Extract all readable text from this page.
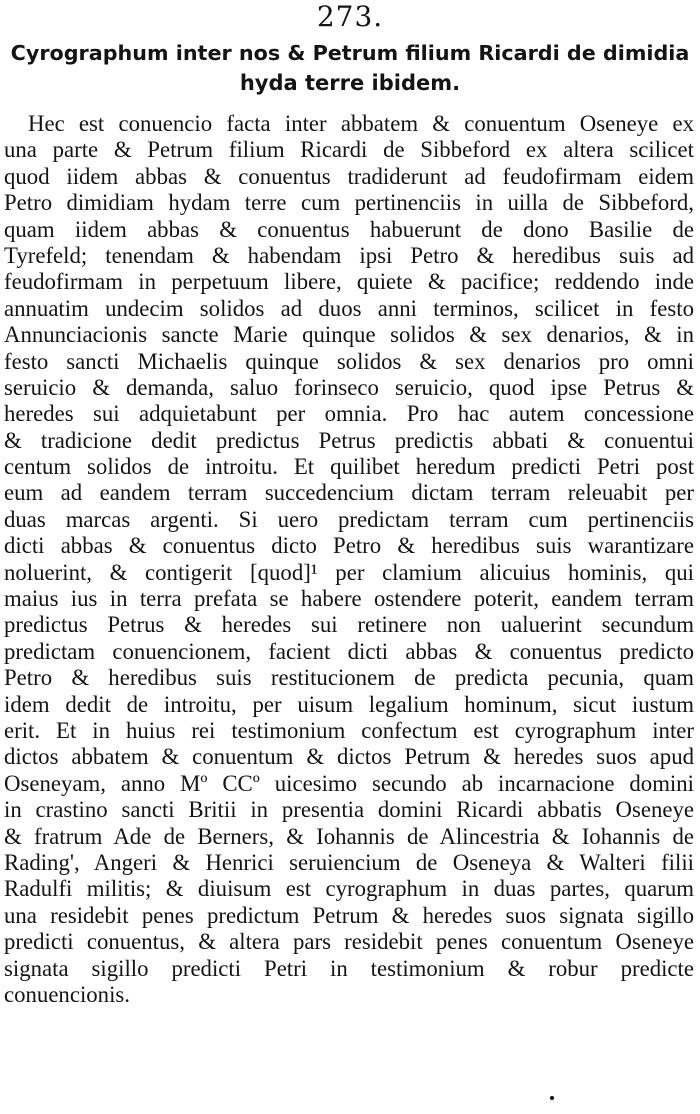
273.
Cyrographum inter nos & Petrum filium Ricardi de dimidia
hyda terre ibidem.
Hec est conuencio facta inter abbatem & conuentum Oseneye ex
una parte & Petrum filium Ricardi de Sibbeford ex altera scilicet
quod iidem abbas & conuentus tradiderunt ad feudofirmam eidem
Petro dimidiam hydam terre cum pertinenciis in uilla de Sibbeford,
quam iidem abbas & conuentus habuerunt de dono Basilie de
Tyrefeld; tenendam & habendam ipsi Petro & heredibus suis ad
feudofirmam in perpetuum libere, quiete & pacifice; reddendo inde
annuatim undecim solidos ad duos anni terminos, scilicet in festo
Annunciacionis sancte Marie quinque solidos & sex denarios, & in
festo sancti Michaelis quinque solidos & sex denarios pro omni
seruicio & demanda, saluo forinseco seruicio, quod ipse Petrus &
heredes sui adquietabunt per omnia. Pro hac autem concessione
& tradicione dedit predictus Petrus predictis abbati & conuentui
centum solidos de introitu. Et quilibet heredum predicti Petri post
eum ad eandem terram succedencium dictam terram releuabit per
duas marcas argenti. Si uero predictam terram cum pertinenciis
dicti abbas & conuentus dicto Petro & heredibus suis warantizare
noluerint, & contigerit [quod]¹ per clamium alicuius hominis, qui
maius ius in terra prefata se habere ostendere poterit, eandem terram
predictus Petrus & heredes sui retinere non ualuerint secundum
predictam conuencionem, facient dicti abbas & conuentus predicto
Petro & heredibus suis restitucionem de predicta pecunia, quam
idem dedit de introitu, per uisum legalium hominum, sicut iustum
erit. Et in huius rei testimonium confectum est cyrographum inter
dictos abbatem & conuentum & dictos Petrum & heredes suos apud
Oseneyam, anno Mº CCº uicesimo secundo ab incarnacione domini
in crastino sancti Britii in presentia domini Ricardi abbatis Oseneye
& fratrum Ade de Berners, & Iohannis de Alincestria & Iohannis de
Rading', Angeri & Henrici seruiencium de Oseneya & Walteri filii
Radulfi militis; & diuisum est cyrographum in duas partes, quarum
una residebit penes predictum Petrum & heredes suos signata sigillo
predicti conuentus, & altera pars residebit penes conuentum Oseneye
signata sigillo predicti Petri in testimonium & robur predicte
conuencionis.
